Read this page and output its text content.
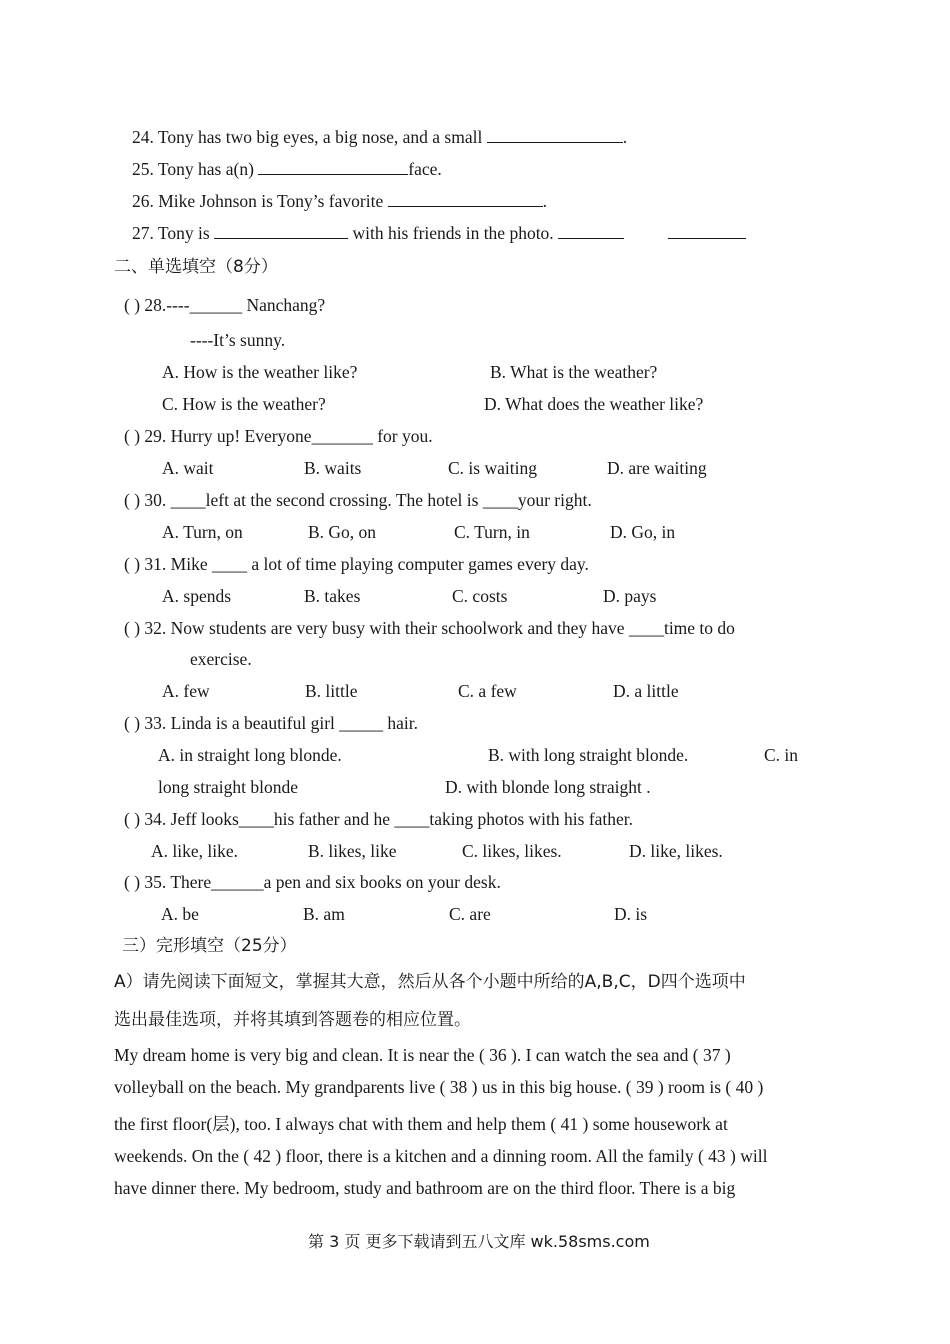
24. Tony has two big eyes, a big nose, and a small	.
25. Tony has a(n)	face.
26. Mike Johnson is Tony’s favorite	.
27. Tony is	with his friends in the photo.
二、单选填空（8分）
( ) 28.----______ Nanchang?
----It’s sunny.
A. How is the weather like?	B. What is the weather?
C. How is the weather?	D. What does the weather like?
( ) 29. Hurry up! Everyone_______ for you.
A. wait	B. waits	C. is waiting	D. are waiting
( ) 30. ____left at the second crossing. The hotel is ____your right.
A. Turn, on	B. Go, on	C. Turn, in	D. Go, in
( ) 31. Mike ____ a lot of time playing computer games every day.
A. spends	B. takes	C. costs	D. pays
( ) 32. Now students are very busy with their schoolwork and they have ____time to do
exercise.
A. few	B. little	C. a few	D. a little
( ) 33. Linda is a beautiful girl _____ hair.
A. in straight long blonde.	B. with long straight blonde.	C. in
long straight blonde	D. with blonde long straight .
( ) 34. Jeff looks____his father and he ____taking photos with his father.
A. like, like.	B. likes, like	C. likes, likes.	D. like, likes.
( ) 35. There______a pen and six books on your desk.
A. be	B. am	C. are	D. is
三）完形填空（25分）
A）请先阅读下面短文，掌握其大意，然后从各个小题中所给的A,B,C，D四个选项中
选出最佳选项，并将其填到答题卷的相应位置。
My dream home is very big and clean. It is near the ( 36 ). I can watch the sea and ( 37 )
volleyball on the beach. My grandparents live ( 38 ) us in this big house. ( 39 ) room is ( 40 )
the first floor(层), too. I always chat with them and help them ( 41 ) some housework at
weekends. On the ( 42 ) floor, there is a kitchen and a dinning room. All the family ( 43 ) will
have dinner there. My bedroom, study and bathroom are on the third floor. There is a big
第 3 页 更多下载请到五八文库 wk.58sms.com
